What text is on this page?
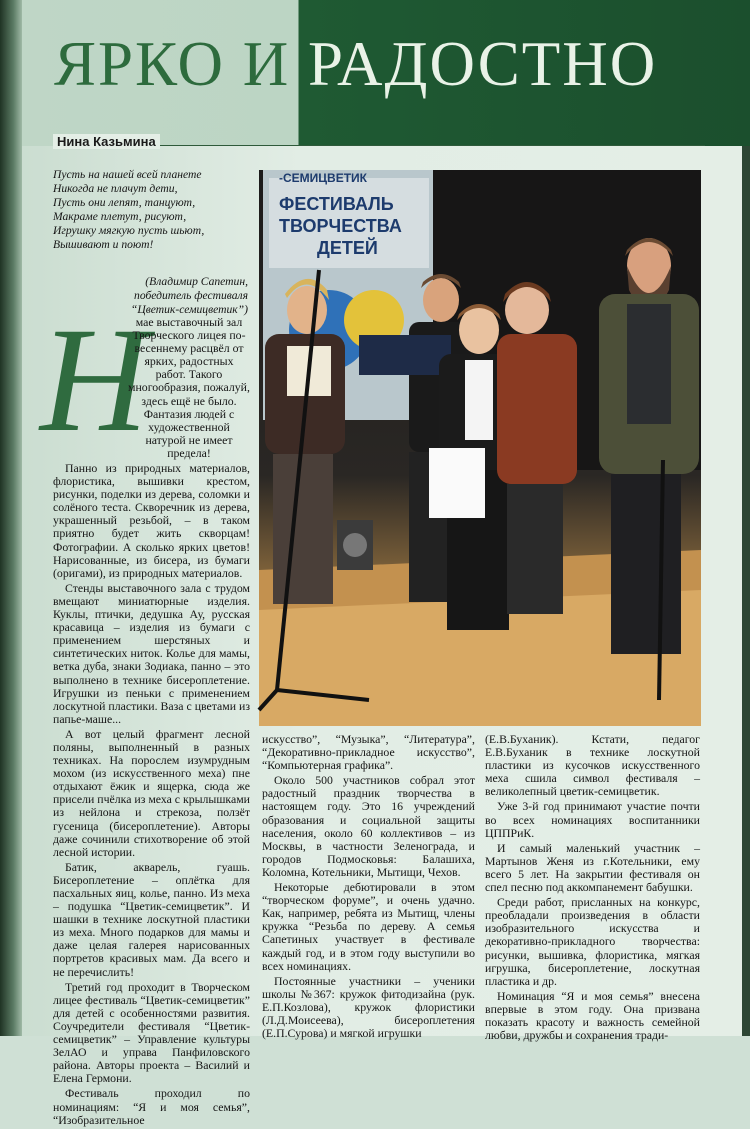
ЯРКО И РАДОСТНО
Нина Казьмина
Пусть на нашей всей планете
Никогда не плачут дети,
Пусть они лепят, танцуют,
Макраме плетут, рисуют,
Игрушку мягкую пусть шьют,
Вышивают и поют!
(Владимир Сапетин, победитель фестиваля “Цветик-семицветик”)
Н

мае выставочный зал Творческого лицея по-весеннему расцвёл от ярких, радостных работ. Такого многообразия, пожалуй, здесь ещё не было. Фантазия людей с художественной натурой не имеет предела!

Панно из природных материалов, флористика, вышивки крестом, рисунки, поделки из дерева, соломки и солёного теста. Скворечник из дерева, украшенный резьбой, – в таком приятно будет жить скворцам! Фотографии. А сколько ярких цветов! Нарисованные, из бисера, из бумаги (оригами), из природных материалов.

Стенды выставочного зала с трудом вмещают миниатюрные изделия. Куклы, птички, дедушка Ау, русская красавица – изделия из бумаги с применением шерстяных и синтетических ниток. Колье для мамы, ветка дуба, знаки Зодиака, панно – это выполнено в технике бисероплетение. Игрушки из пеньки с применением лоскутной пластики. Ваза с цветами из папье-маше...

А вот целый фрагмент лесной поляны, выполненный в разных техниках. На порослем изумрудным мохом (из искусственного меха) пне отдыхают ёжик и ящерка, сюда же присели пчёлка из меха с крылышками из нейлона и стрекоза, ползёт гусеница (бисероплетение). Авторы даже сочинили стихотворение об этой лесной истории.

Батик, акварель, гуашь. Бисероплетение – оплётка для пасхальных яиц, колье, панно. Из меха – подушка “Цветик-семицветик”. И шашки в технике лоскутной пластики из меха. Много подарков для мамы и даже целая галерея нарисованных портретов красивых мам. Да всего и не перечислить!

Третий год проходит в Творческом лицее фестиваль “Цветик-семицветик” для детей с особенностями развития. Соучредители фестиваля “Цветик-семицветик” – Управление культуры ЗелАО и управа Панфиловского района. Авторы проекта – Василий и Елена Гермони.

Фестиваль проходил по номинациям: “Я и моя семья”, “Изобразительное

-СЕМИЦВЕТИК
ФЕСТИВАЛЬ
ТВОРЧЕСТВА
ДЕТЕЙ

искусство”, “Музыка”, “Литература”, “Декоративно-прикладное искусство”, “Компьютерная графика”.

Около 500 участников собрал этот радостный праздник творчества в настоящем году. Это 16 учреждений образования и социальной защиты населения, около 60 коллективов – из Москвы, в частности Зеленограда, и городов Подмосковья: Балашиха, Коломна, Котельники, Мытищи, Чехов.

Некоторые дебютировали в этом “творческом форуме”, и очень удачно. Как, например, ребята из Мытищ, члены кружка “Резьба по дереву. А семья Сапетиных участвует в фестивале каждый год, и в этом году выступили во всех номинациях.

Постоянные участники – ученики школы №367: кружок фитодизайна (рук. Е.П.Козлова), кружок флористики (Л.Д.Моисеева), бисероплетения (Е.П.Сурова) и мягкой игрушки

(Е.В.Буханик). Кстати, педагог Е.В.Буханик в технике лоскутной пластики из кусочков искусственного меха сшила символ фестиваля – великолепный цветик-семицветик.

Уже 3-й год принимают участие почти во всех номинациях воспитанники ЦППРиК.

И самый маленький участник – Мартынов Женя из г.Котельники, ему всего 5 лет. На закрытии фестиваля он спел песню под аккомпанемент бабушки.

Среди работ, присланных на конкурс, преобладали произведения в области изобразительного искусства и декоративно-прикладного творчества: рисунки, вышивка, флористика, мягкая игрушка, бисероплетение, лоскутная пластика и др.

Номинация “Я и моя семья” внесена впервые в этом году. Она призвана показать красоту и важность семейной любви, дружбы и сохранения тради-
